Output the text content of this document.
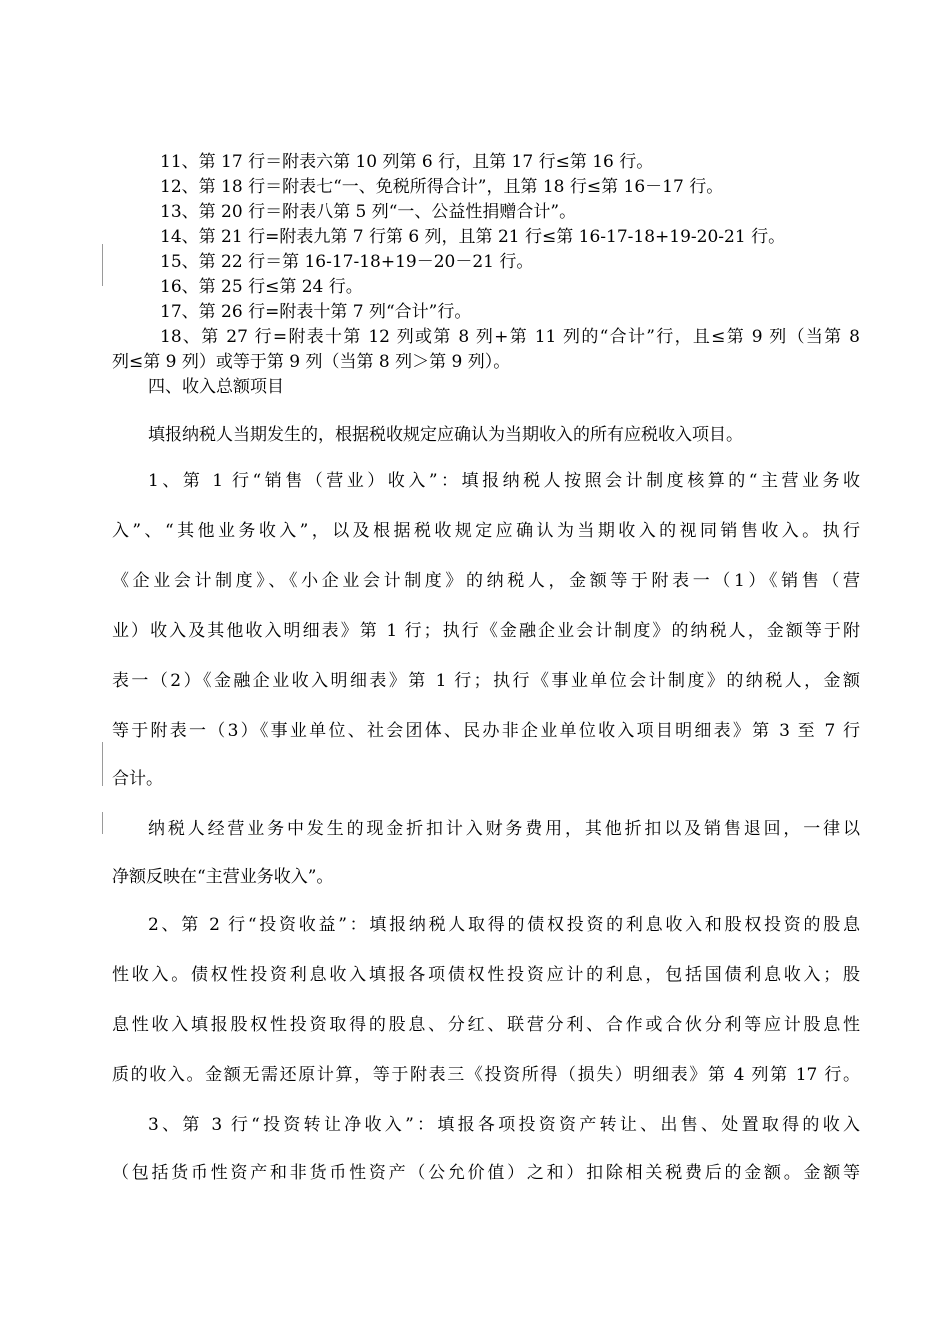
11、第 17 行＝附表六第 10 列第 6 行，且第 17 行≤第 16 行。
12、第 18 行＝附表七“一、免税所得合计”，且第 18 行≤第 16－17 行。
13、第 20 行＝附表八第 5 列“一、公益性捐赠合计”。
14、第 21 行=附表九第 7 行第 6 列，且第 21 行≤第 16-17-18+19-20-21 行。
15、第 22 行＝第 16-17-18+19－20－21 行。
16、第 25 行≤第 24 行。
17、第 26 行=附表十第 7 列“合计”行。
18、第 27 行=附表十第 12 列或第 8 列+第 11 列的“合计”行，且≤第 9 列（当第 8
列≤第 9 列）或等于第 9 列（当第 8 列＞第 9 列）。
四、收入总额项目
填报纳税人当期发生的，根据税收规定应确认为当期收入的所有应税收入项目。
1、第 1 行“销售（营业）收入”：填报纳税人按照会计制度核算的“主营业务收
入”、“其他业务收入”，以及根据税收规定应确认为当期收入的视同销售收入。执行
《企业会计制度》、《小企业会计制度》的纳税人，金额等于附表一（1）《销售（营
业）收入及其他收入明细表》第 1 行；执行《金融企业会计制度》的纳税人，金额等于附
表一（2）《金融企业收入明细表》第 1 行；执行《事业单位会计制度》的纳税人，金额
等于附表一（3）《事业单位、社会团体、民办非企业单位收入项目明细表》第 3 至 7 行
合计。
纳税人经营业务中发生的现金折扣计入财务费用，其他折扣以及销售退回，一律以
净额反映在“主营业务收入”。
2、第 2 行“投资收益”：填报纳税人取得的债权投资的利息收入和股权投资的股息
性收入。债权性投资利息收入填报各项债权性投资应计的利息，包括国债利息收入；股
息性收入填报股权性投资取得的股息、分红、联营分利、合作或合伙分利等应计股息性
质的收入。金额无需还原计算，等于附表三《投资所得（损失）明细表》第 4 列第 17 行。
3、第 3 行“投资转让净收入”：填报各项投资资产转让、出售、处置取得的收入
（包括货币性资产和非货币性资产（公允价值）之和）扣除相关税费后的金额。金额等
